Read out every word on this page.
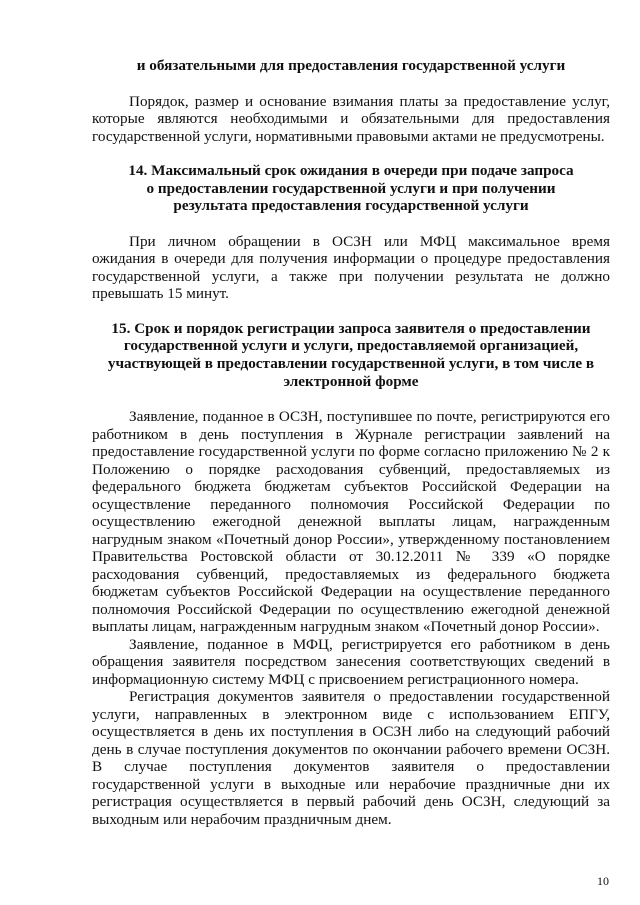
и обязательными для предоставления государственной услуги

Порядок, размер и основание взимания платы за предоставление услуг, которые являются необходимыми и обязательными для предоставления государственной услуги, нормативными правовыми актами не предусмотрены.

14. Максимальный срок ожидания в очереди при подаче запроса

о предоставлении государственной услуги и при получении

результата предоставления государственной услуги

При личном обращении в ОСЗН или МФЦ максимальное время ожидания в очереди для получения информации о процедуре предоставления государственной услуги, а также при получении результата не должно превышать 15 минут.

15. Срок и порядок регистрации запроса заявителя о предоставлении

государственной услуги и услуги, предоставляемой организацией,

участвующей в предоставлении государственной услуги, в том числе в

электронной форме

Заявление, поданное в ОСЗН, поступившее по почте, регистрируются его работником в день поступления в Журнале регистрации заявлений на предоставление государственной услуги по форме согласно приложению № 2 к Положению о порядке расходования субвенций, предоставляемых из федерального бюджета бюджетам субъектов Российской Федерации на осуществление переданного полномочия Российской Федерации по осуществлению ежегодной денежной выплаты лицам, награжденным нагрудным знаком «Почетный донор России», утвержденному постановлением Правительства Ростовской области от 30.12.2011 № 339 «О порядке расходования субвенций, предоставляемых из федерального бюджета бюджетам субъектов Российской Федерации на осуществление переданного полномочия Российской Федерации по осуществлению ежегодной денежной выплаты лицам, награжденным нагрудным знаком «Почетный донор России».

Заявление, поданное в МФЦ, регистрируется его работником в день обращения заявителя посредством занесения соответствующих сведений в информационную систему МФЦ с присвоением регистрационного номера.

Регистрация документов заявителя о предоставлении государственной услуги, направленных в электронном виде с использованием ЕПГУ, осуществляется в день их поступления в ОСЗН либо на следующий рабочий день в случае поступления документов по окончании рабочего времени ОСЗН. В случае поступления документов заявителя о предоставлении государственной услуги в выходные или нерабочие праздничные дни их регистрация осуществляется в первый рабочий день ОСЗН, следующий за выходным или нерабочим праздничным днем.

10
